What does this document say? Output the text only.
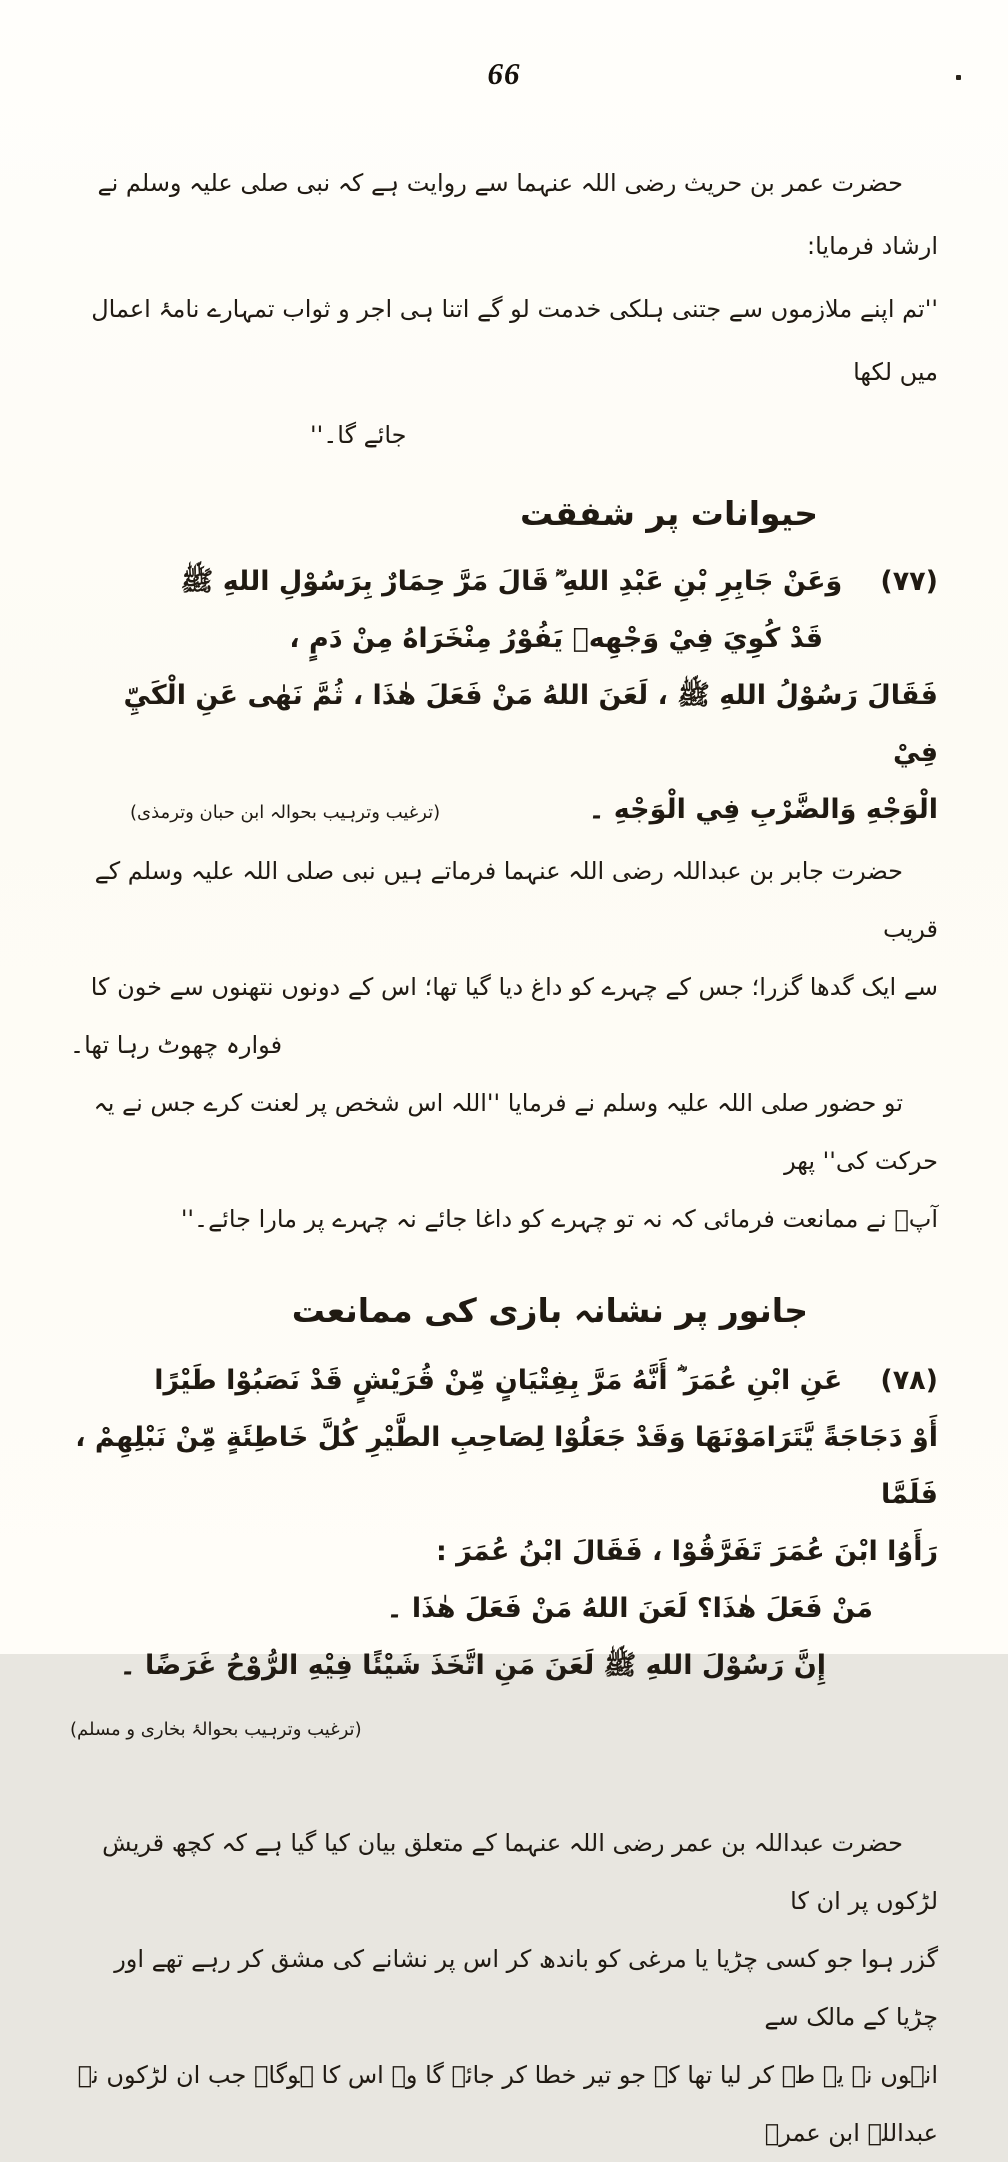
66
حضرت عمر بن حریث رضی اللہ عنہما سے روایت ہے کہ نبی صلی علیہ وسلم نے ارشاد فرمایا:
''تم اپنے ملازموں سے جتنی ہلکی خدمت لو گے اتنا ہی اجر و ثواب تمہارے نامۂ اعمال میں لکھا
جائے گا۔''
حیوانات پر شفقت
(۷۷)وَعَنْ جَابِرِ بْنِ عَبْدِ اللهِ ؓ قَالَ مَرَّ حِمَارٌ بِرَسُوْلِ اللهِ ﷺ
قَدْ كُوِيَ فِيْ وَجْهِهٖ يَفُوْرُ مِنْخَرَاهُ مِنْ دَمٍ ،
فَقَالَ رَسُوْلُ اللهِ ﷺ ، لَعَنَ اللهُ مَنْ فَعَلَ هٰذَا ، ثُمَّ نَهٰى عَنِ الْكَيِّ فِيْ
الْوَجْهِ وَالضَّرْبِ فِي الْوَجْهِ ۔
(ترغیب وترہیب بحوالہ ابن حبان وترمذی)
حضرت جابر بن عبداللہ رضی اللہ عنہما فرماتے ہیں نبی صلی اللہ علیہ وسلم کے قریب
سے ایک گدھا گزرا؛ جس کے چہرے کو داغ دیا گیا تھا؛ اس کے دونوں نتھنوں سے خون کا
فوارہ چھوٹ رہا تھا۔
تو حضور صلی اللہ علیہ وسلم نے فرمایا ''اللہ اس شخص پر لعنت کرے جس نے یہ حرکت کی'' پھر
آپؐ نے ممانعت فرمائی کہ نہ تو چہرے کو داغا جائے نہ چہرے پر مارا جائے۔''
جانور پر نشانہ بازی کی ممانعت
(۷۸)عَنِ ابْنِ عُمَرَ ؓ أَنَّهُ مَرَّ بِفِتْيَانٍ مِّنْ قُرَيْشٍ قَدْ نَصَبُوْا طَيْرًا
أَوْ دَجَاجَةً يَّتَرَامَوْنَهَا وَقَدْ جَعَلُوْا لِصَاحِبِ الطَّيْرِ كُلَّ خَاطِئَةٍ مِّنْ نَبْلِهِمْ ، فَلَمَّا
رَأَوُا ابْنَ عُمَرَ تَفَرَّقُوْا ، فَقَالَ ابْنُ عُمَرَ :
مَنْ فَعَلَ هٰذَا؟ لَعَنَ اللهُ مَنْ فَعَلَ هٰذَا ۔
إِنَّ رَسُوْلَ اللهِ ﷺ لَعَنَ مَنِ اتَّخَذَ شَيْئًا فِيْهِ الرُّوْحُ غَرَضًا ۔
(ترغیب وترہیب بحوالۂ بخاری و مسلم)
حضرت عبداللہ بن عمر رضی اللہ عنہما کے متعلق بیان کیا گیا ہے کہ کچھ قریش لڑکوں پر ان کا
گزر ہوا جو کسی چڑیا یا مرغی کو باندھ کر اس پر نشانے کی مشق کر رہے تھے اور چڑیا کے مالک سے
انہوں نے یہ طے کر لیا تھا کہ جو تیر خطا کر جائے گا وہ اس کا ہوگا۔ جب ان لڑکوں نے عبداللہ ابن عمرؓ
